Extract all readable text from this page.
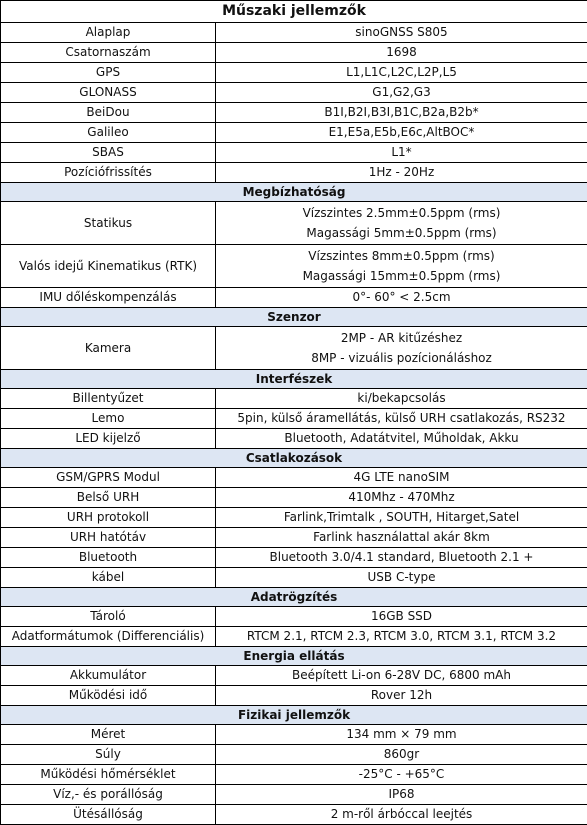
Műszaki jellemzők	
Alaplap	sinoGNSS S805
Csatornaszám	1698
GPS	L1,L1C,L2C,L2P,L5
GLONASS	G1,G2,G3
BeiDou	B1I,B2I,B3I,B1C,B2a,B2b*
Galileo	E1,E5a,E5b,E6c,AltBOC*
SBAS	L1*
Pozíciófrissítés	1Hz - 20Hz
Megbízhatóság	
Statikus	Vízszintes 2.5mm±0.5ppm (rms)
Magassági 5mm±0.5ppm (rms)

Valós idejű Kinematikus (RTK)	Vízszintes 8mm±0.5ppm (rms)
Magassági 15mm±0.5ppm (rms)

IMU dőléskompenzálás	0°- 60° < 2.5cm
Szenzor	
Kamera	2MP - AR kitűzéshez
8MP - vizuális pozícionáláshoz

Interfészek	
Billentyűzet	ki/bekapcsolás
Lemo	5pin, külső áramellátás, külső URH csatlakozás, RS232
LED kijelző	Bluetooth, Adatátvitel, Műholdak, Akku
Csatlakozások	
GSM/GPRS Modul	4G LTE nanoSIM
Belső URH	410Mhz - 470Mhz
URH protokoll	Farlink,Trimtalk , SOUTH, Hitarget,Satel
URH hatótáv	Farlink használattal akár 8km
Bluetooth	Bluetooth 3.0/4.1 standard, Bluetooth 2.1 +
kábel	USB C-type
Adatrögzítés	
Tároló	16GB SSD
Adatformátumok (Differenciális)	RTCM 2.1, RTCM 2.3, RTCM 3.0, RTCM 3.1, RTCM 3.2
Energia ellátás	
Akkumulátor	Beépített Li-on 6-28V DC, 6800 mAh
Működési idő	Rover 12h
Fizikai jellemzők	
Méret	134 mm × 79 mm
Súly	860gr
Működési hőmérséklet	-25°C - +65°C
Víz,- és porállóság	IP68
Ütésállóság	2 m-ről árbóccal leejtés
